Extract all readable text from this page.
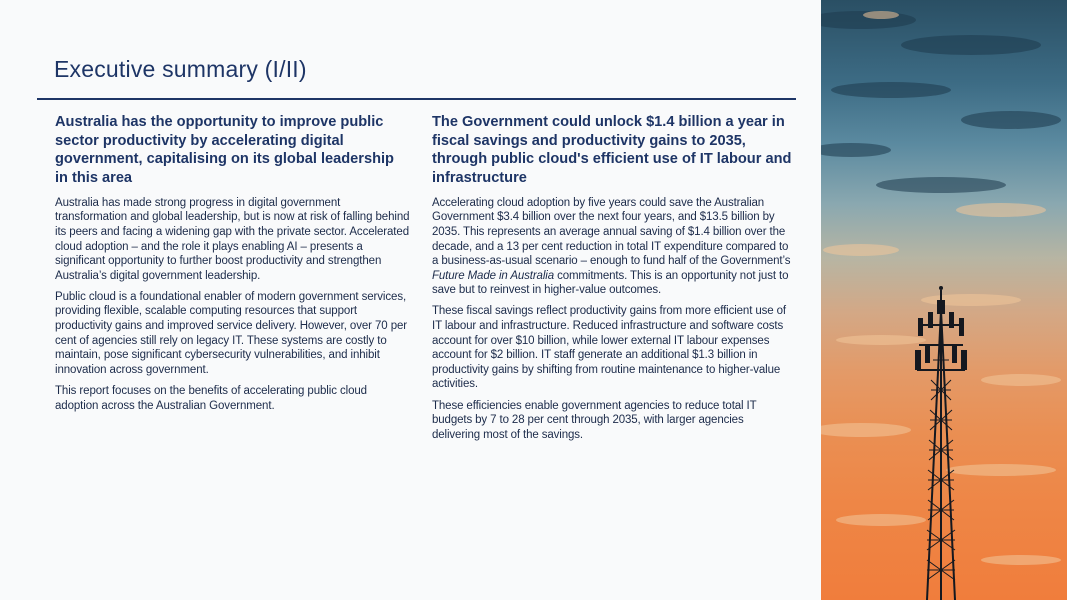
Executive summary (I/II)
Australia has the opportunity to improve public sector productivity by accelerating digital government, capitalising on its global leadership in this area

Australia has made strong progress in digital government transformation and global leadership, but is now at risk of falling behind its peers and facing a widening gap with the private sector. Accelerated cloud adoption – and the role it plays enabling AI – presents a significant opportunity to further boost productivity and strengthen Australia’s digital government leadership.

Public cloud is a foundational enabler of modern government services, providing flexible, scalable computing resources that support productivity gains and improved service delivery. However, over 70 per cent of agencies still rely on legacy IT. These systems are costly to maintain, pose significant cybersecurity vulnerabilities, and inhibit innovation across government.

This report focuses on the benefits of accelerating public cloud adoption across the Australian Government.

The Government could unlock $1.4 billion a year in fiscal savings and productivity gains to 2035, through public cloud's efficient use of IT labour and infrastructure

Accelerating cloud adoption by five years could save the Australian Government $3.4 billion over the next four years, and $13.5 billion by 2035. This represents an average annual saving of $1.4 billion over the decade, and a 13 per cent reduction in total IT expenditure compared to a business-as-usual scenario – enough to fund half of the Government’s Future Made in Australia commitments. This is an opportunity not just to save but to reinvest in higher-value outcomes.

These fiscal savings reflect productivity gains from more efficient use of IT labour and infrastructure. Reduced infrastructure and software costs account for over $10 billion, while lower external IT labour expenses account for $2 billion. IT staff generate an additional $1.3 billion in productivity gains by shifting from routine maintenance to higher-value activities.

These efficiencies enable government agencies to reduce total IT budgets by 7 to 28 per cent through 2035, with larger agencies delivering most of the savings.
